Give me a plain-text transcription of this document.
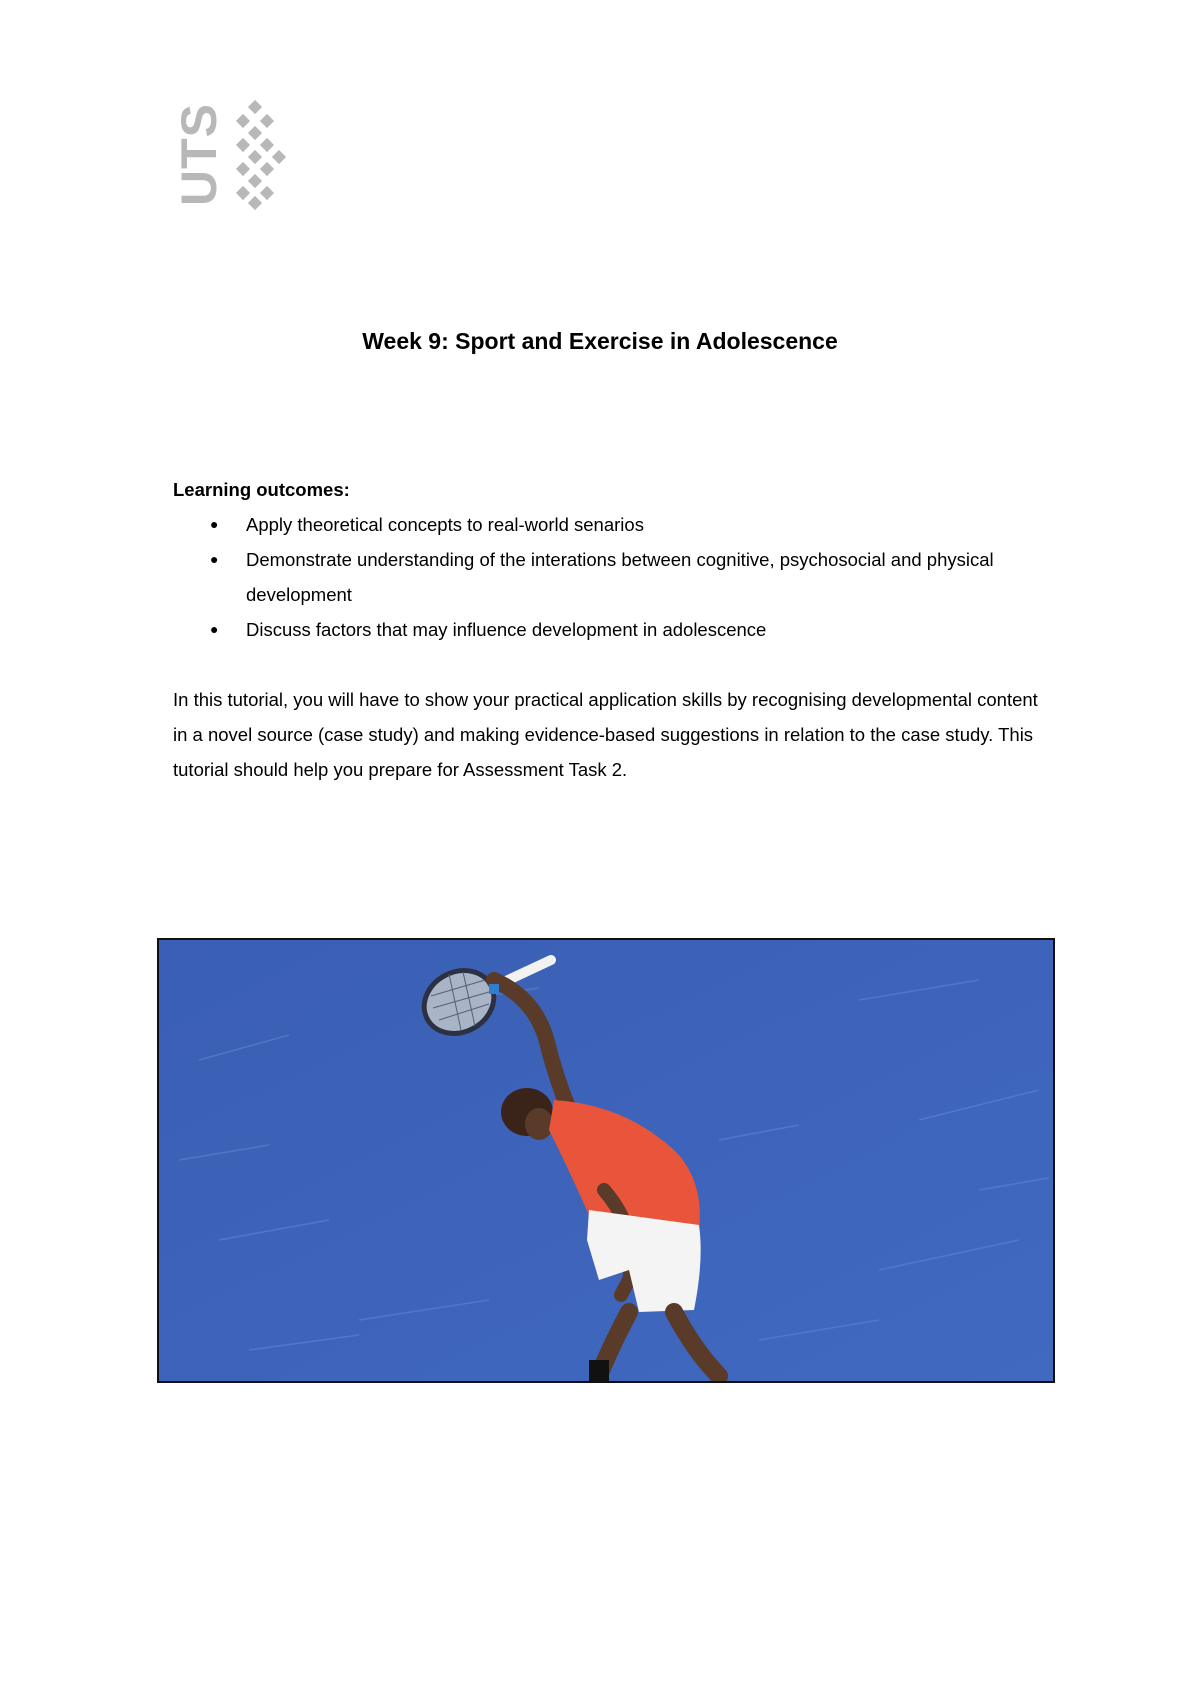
UTS
Week 9: Sport and Exercise in Adolescence

Learning outcomes:

● Apply theoretical concepts to real-world senarios
● Demonstrate understanding of the interations between cognitive, psychosocial and physical development
● Discuss factors that may influence development in adolescence

In this tutorial, you will have to show your practical application skills by recognising developmental content in a novel source (case study) and making evidence-based suggestions in relation to the case study. This tutorial should help you prepare for Assessment Task 2.
